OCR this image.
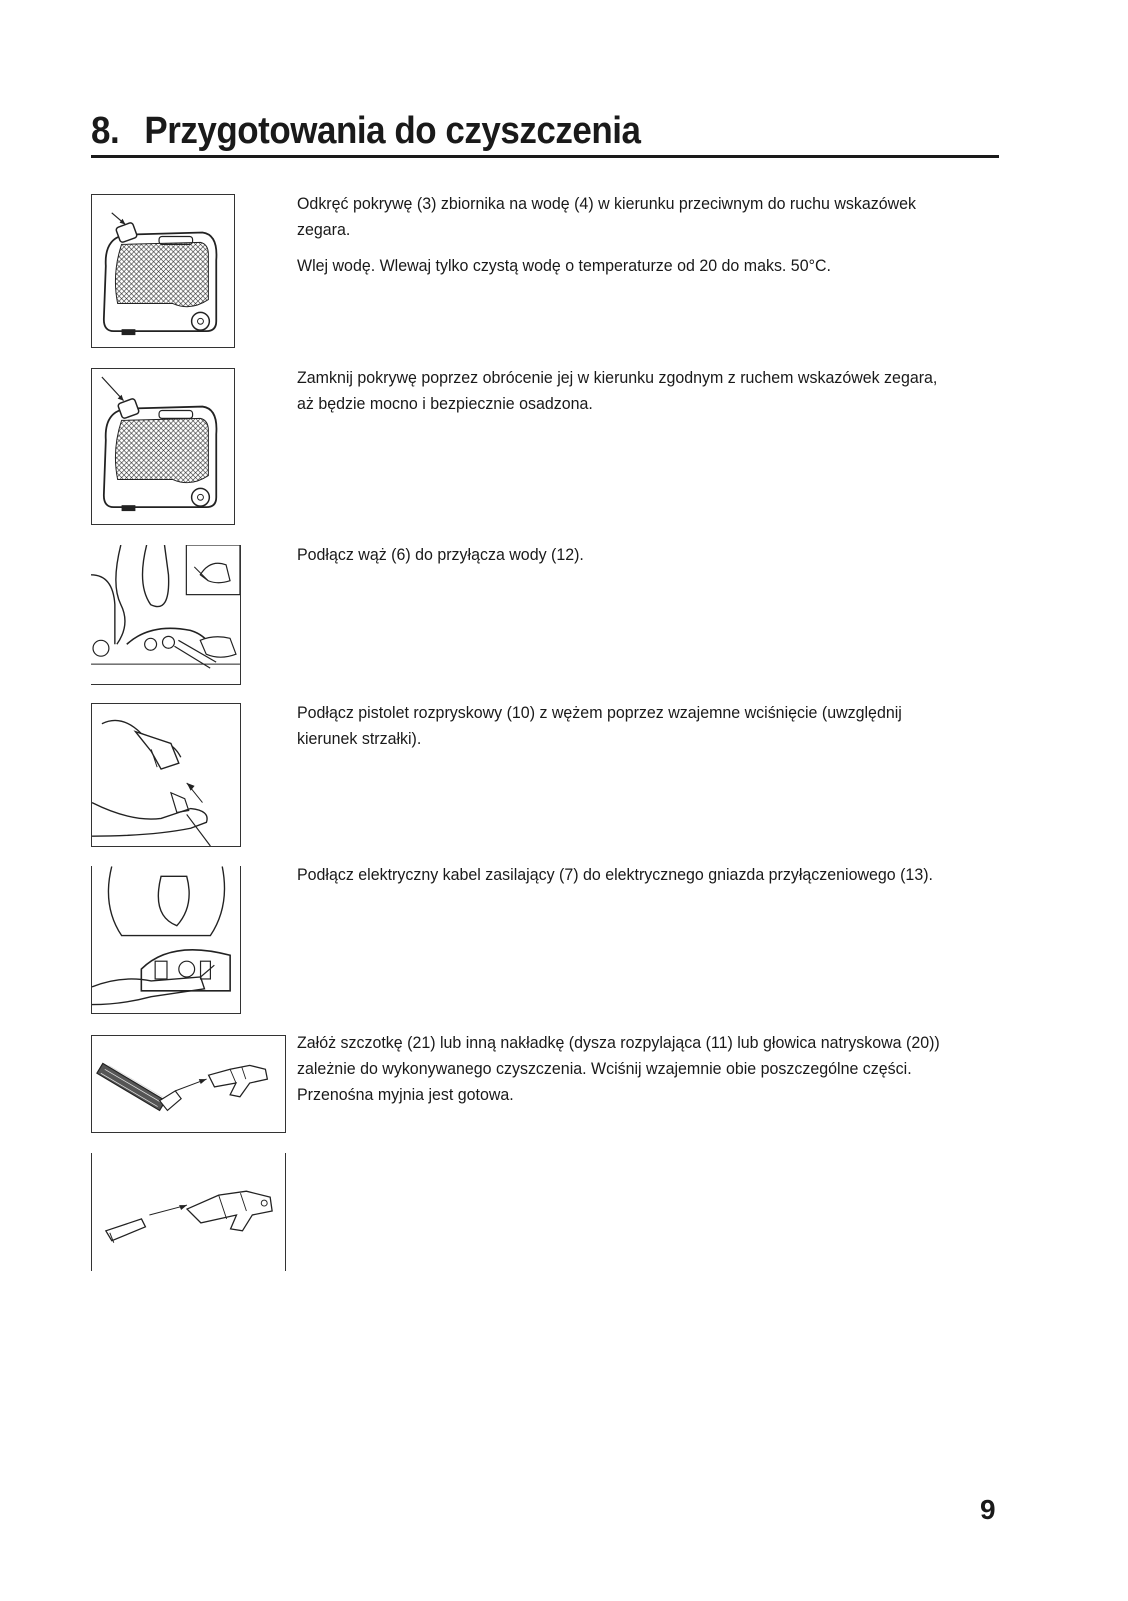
8. Przygotowania do czyszczenia

Odkręć pokrywę (3) zbiornika na wodę (4) w kierunku przeciwnym do ruchu wskazówek zegara.

Wlej wodę. Wlewaj tylko czystą wodę o temperaturze od 20 do maks. 50°C.

Zamknij pokrywę poprzez obrócenie jej w kierunku zgodnym z ruchem wskazówek zegara, aż będzie mocno i bezpiecznie osadzona.

Podłącz wąż (6) do przyłącza wody (12).

Podłącz pistolet rozpryskowy (10) z wężem poprzez wzajemne wciśnięcie (uwzględnij kierunek strzałki).

Podłącz elektryczny kabel zasilający (7) do elektrycznego gniazda przyłączeniowego (13).

Załóż szczotkę (21) lub inną nakładkę (dysza rozpylająca (11) lub głowica natryskowa (20)) zależnie do wykonywanego czyszczenia. Wciśnij wzajemnie obie poszczególne części. Przenośna myjnia jest gotowa.

9
